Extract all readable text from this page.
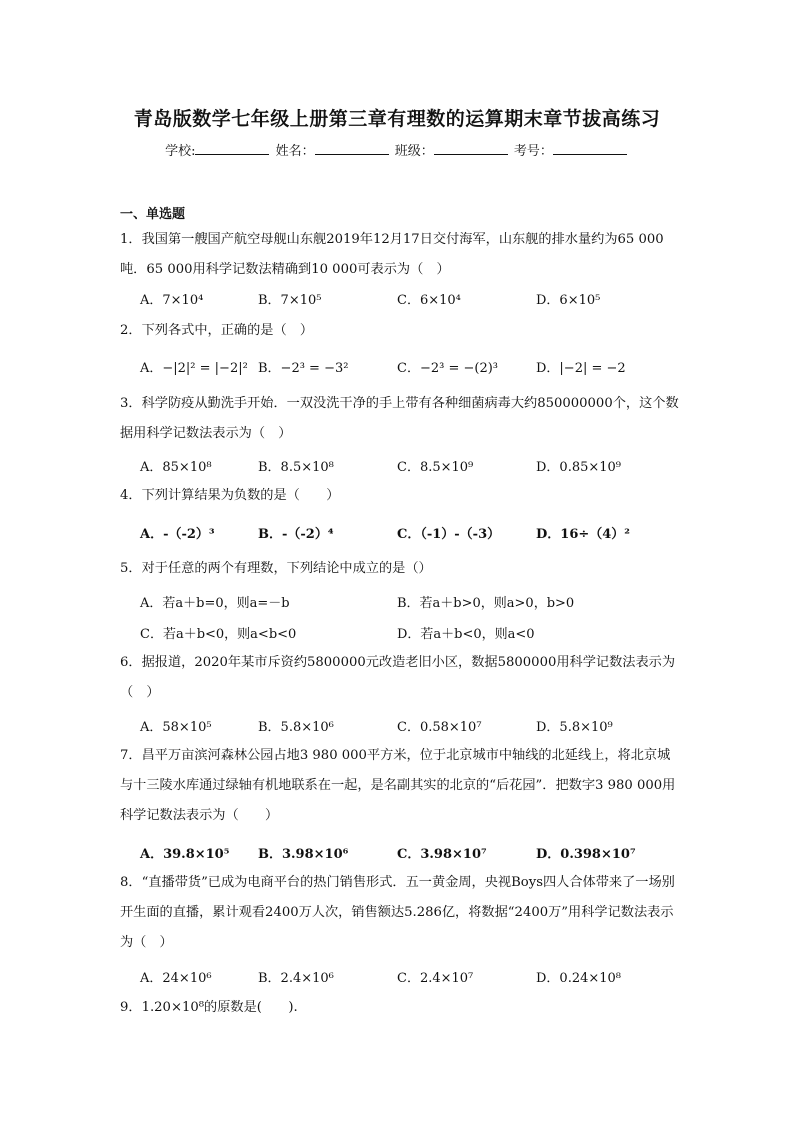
青岛版数学七年级上册第三章有理数的运算期末章节拔高练习
学校:	姓名：	班级：	考号：
一、单选题
1．我国第一艘国产航空母舰山东舰2019年12月17日交付海军，山东舰的排水量约为65 000吨．65 000用科学记数法精确到10 000可表示为（　）
A．7×10⁴	B．7×10⁵	C．6×10⁴	D．6×10⁵
2．下列各式中，正确的是（　）
A．−|2|² = |−2|² B．−2³ = −3²	C．−2³ = −(2)³	D．|−2| = −2
3．科学防疫从勤洗手开始．一双没洗干净的手上带有各种细菌病毒大约850000000个，这个数据用科学记数法表示为（　）
A．85×10⁸	B．8.5×10⁸	C．8.5×10⁹	D．0.85×10⁹
4．下列计算结果为负数的是（　　）
A．-（-2）³	B．-（-2）⁴	C．（-1）-（-3）	D．16÷（4）²
5．对于任意的两个有理数，下列结论中成立的是（）
A．若a＋b=0，则a=－b	B．若a＋b>0，则a>0，b>0
C．若a＋b<0，则a<b<0	D．若a＋b<0，则a<0
6．据报道，2020年某市斥资约5800000元改造老旧小区，数据5800000用科学记数法表示为（　）
A．58×10⁵	B．5.8×10⁶	C．0.58×10⁷	D．5.8×10⁹
7．昌平万亩滨河森林公园占地3 980 000平方米，位于北京城市中轴线的北延线上，将北京城与十三陵水库通过绿轴有机地联系在一起，是名副其实的北京的“后花园”．把数字3 980 000用科学记数法表示为（　　）
A．39.8×10⁵ B．3.98×10⁶	C．3.98×10⁷	D．0.398×10⁷
8．“直播带货”已成为电商平台的热门销售形式．五一黄金周，央视Boys四人合体带来了一场别开生面的直播，累计观看2400万人次，销售额达5.286亿，将数据“2400万”用科学记数法表示为（　）
A．24×10⁶	B．2.4×10⁶	C．2.4×10⁷	D．0.24×10⁸
9．1.20×10⁸的原数是(　　).
